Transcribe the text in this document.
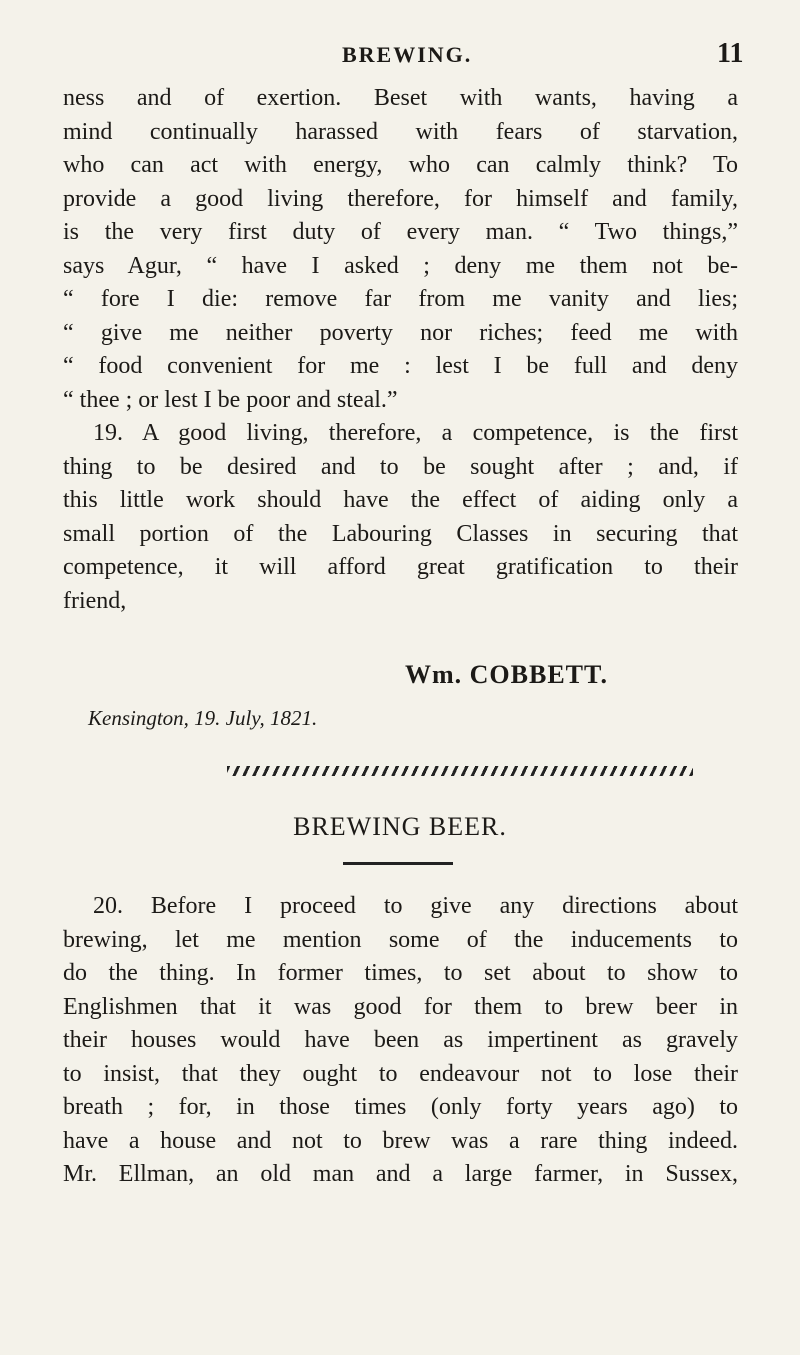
BREWING.	11
ness and of exertion. Beset with wants, having a
mind continually harassed with fears of starvation,
who can act with energy, who can calmly think? To
provide a good living therefore, for himself and family,
is the very first duty of every man. “ Two things,”
says Agur, “ have I asked ; deny me them not be-
“ fore I die: remove far from me vanity and lies;
“ give me neither poverty nor riches; feed me with
“ food convenient for me : lest I be full and deny
“ thee ; or lest I be poor and steal.”
19. A good living, therefore, a competence, is the first
thing to be desired and to be sought after ; and, if
this little work should have the effect of aiding only a
small portion of the Labouring Classes in securing that
competence, it will afford great gratification to their
friend,
Wm. COBBETT.
Kensington, 19. July, 1821.
BREWING BEER.
20. Before I proceed to give any directions about
brewing, let me mention some of the inducements to
do the thing. In former times, to set about to show to
Englishmen that it was good for them to brew beer in
their houses would have been as impertinent as gravely
to insist, that they ought to endeavour not to lose their
breath ; for, in those times (only forty years ago) to
have a house and not to brew was a rare thing indeed.
Mr. Ellman, an old man and a large farmer, in Sussex,
